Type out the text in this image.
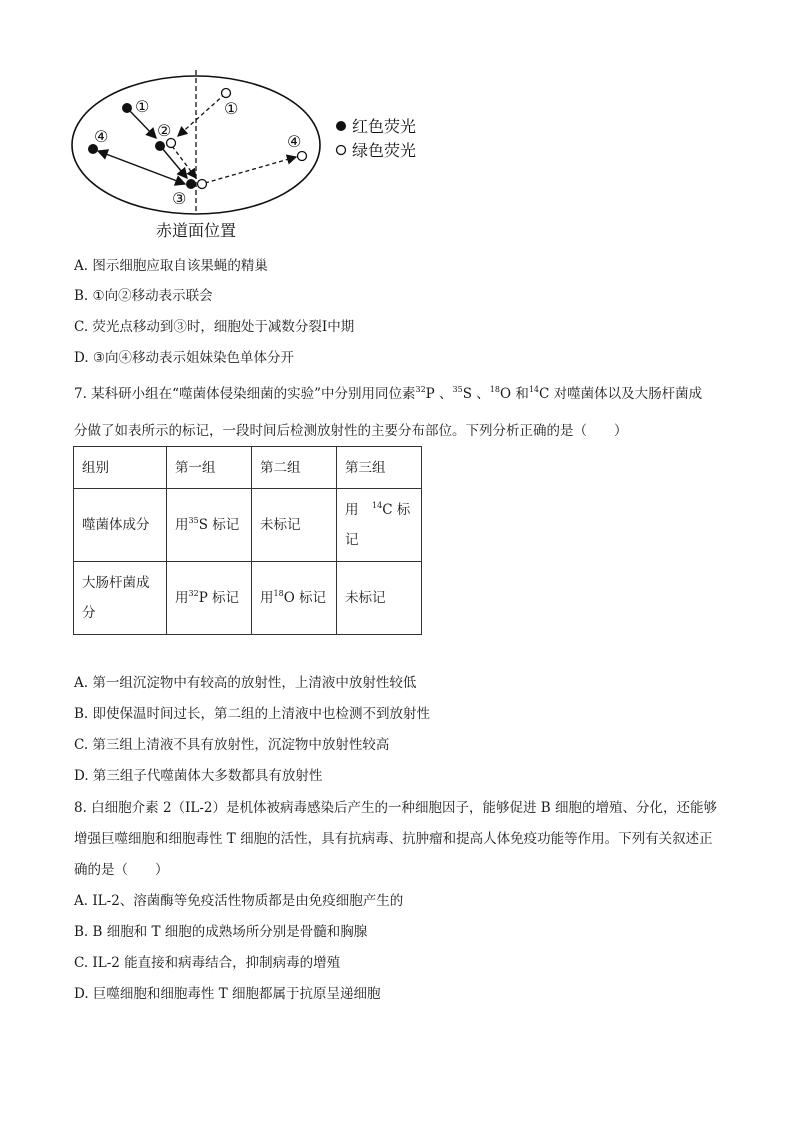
①
②
③
④
①
④
红色荧光
绿色荧光
赤道面位置
A. 图示细胞应取自该果蝇的精巢
B. ①向②移动表示联会
C. 荧光点移动到③时，细胞处于减数分裂Ⅰ中期
D. ③向④移动表示姐妹染色单体分开
7. 某科研小组在“噬菌体侵染细菌的实验”中分别用同位素$^{32}$P 、$^{35}$S 、$^{18}$O 和$^{14}$C 对噬菌体以及大肠杆菌成
分做了如表所示的标记，一段时间后检测放射性的主要分布部位。下列分析正确的是（　　）
组别	第一组	第二组	第三组
噬菌体成分	用$^{35}$S 标记	未标记	用　$^{14}$C 标记
大肠杆菌成分	用$^{32}$P 标记	用$^{18}$O 标记	未标记
A. 第一组沉淀物中有较高的放射性，上清液中放射性较低
B. 即使保温时间过长，第二组的上清液中也检测不到放射性
C. 第三组上清液不具有放射性，沉淀物中放射性较高
D. 第三组子代噬菌体大多数都具有放射性
8. 白细胞介素 2（IL-2）是机体被病毒感染后产生的一种细胞因子，能够促进 B 细胞的增殖、分化，还能够增强巨噬细胞和细胞毒性 T 细胞的活性，具有抗病毒、抗肿瘤和提高人体免疫功能等作用。下列有关叙述正确的是（　　）
A. IL-2、溶菌酶等免疫活性物质都是由免疫细胞产生的
B. B 细胞和 T 细胞的成熟场所分别是骨髓和胸腺
C. IL-2 能直接和病毒结合，抑制病毒的增殖
D. 巨噬细胞和细胞毒性 T 细胞都属于抗原呈递细胞
